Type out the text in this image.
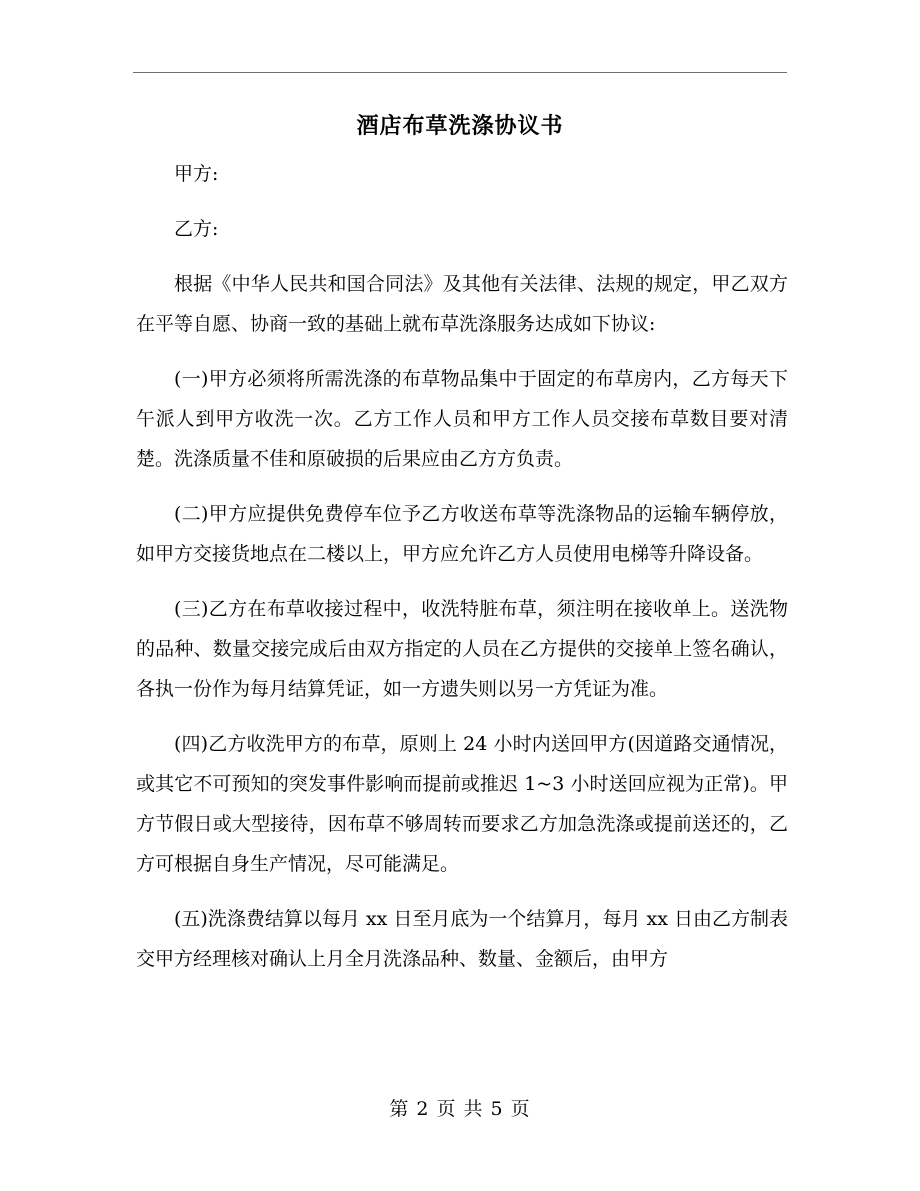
酒店布草洗涤协议书

甲方:

乙方:

根据《中华人民共和国合同法》及其他有关法律、法规的规定，甲乙双方在平等自愿、协商一致的基础上就布草洗涤服务达成如下协议:

(一)甲方必须将所需洗涤的布草物品集中于固定的布草房内，乙方每天下午派人到甲方收洗一次。乙方工作人员和甲方工作人员交接布草数目要对清楚。洗涤质量不佳和原破损的后果应由乙方方负责。

(二)甲方应提供免费停车位予乙方收送布草等洗涤物品的运输车辆停放，如甲方交接货地点在二楼以上，甲方应允许乙方人员使用电梯等升降设备。

(三)乙方在布草收接过程中，收洗特脏布草，须注明在接收单上。送洗物的品种、数量交接完成后由双方指定的人员在乙方提供的交接单上签名确认，各执一份作为每月结算凭证，如一方遗失则以另一方凭证为准。

(四)乙方收洗甲方的布草，原则上 24 小时内送回甲方(因道路交通情况，或其它不可预知的突发事件影响而提前或推迟 1~3 小时送回应视为正常)。甲方节假日或大型接待，因布草不够周转而要求乙方加急洗涤或提前送还的，乙方可根据自身生产情况，尽可能满足。

(五)洗涤费结算以每月 xx 日至月底为一个结算月，每月 xx 日由乙方制表交甲方经理核对确认上月全月洗涤品种、数量、金额后，由甲方

第 2 页 共 5 页
